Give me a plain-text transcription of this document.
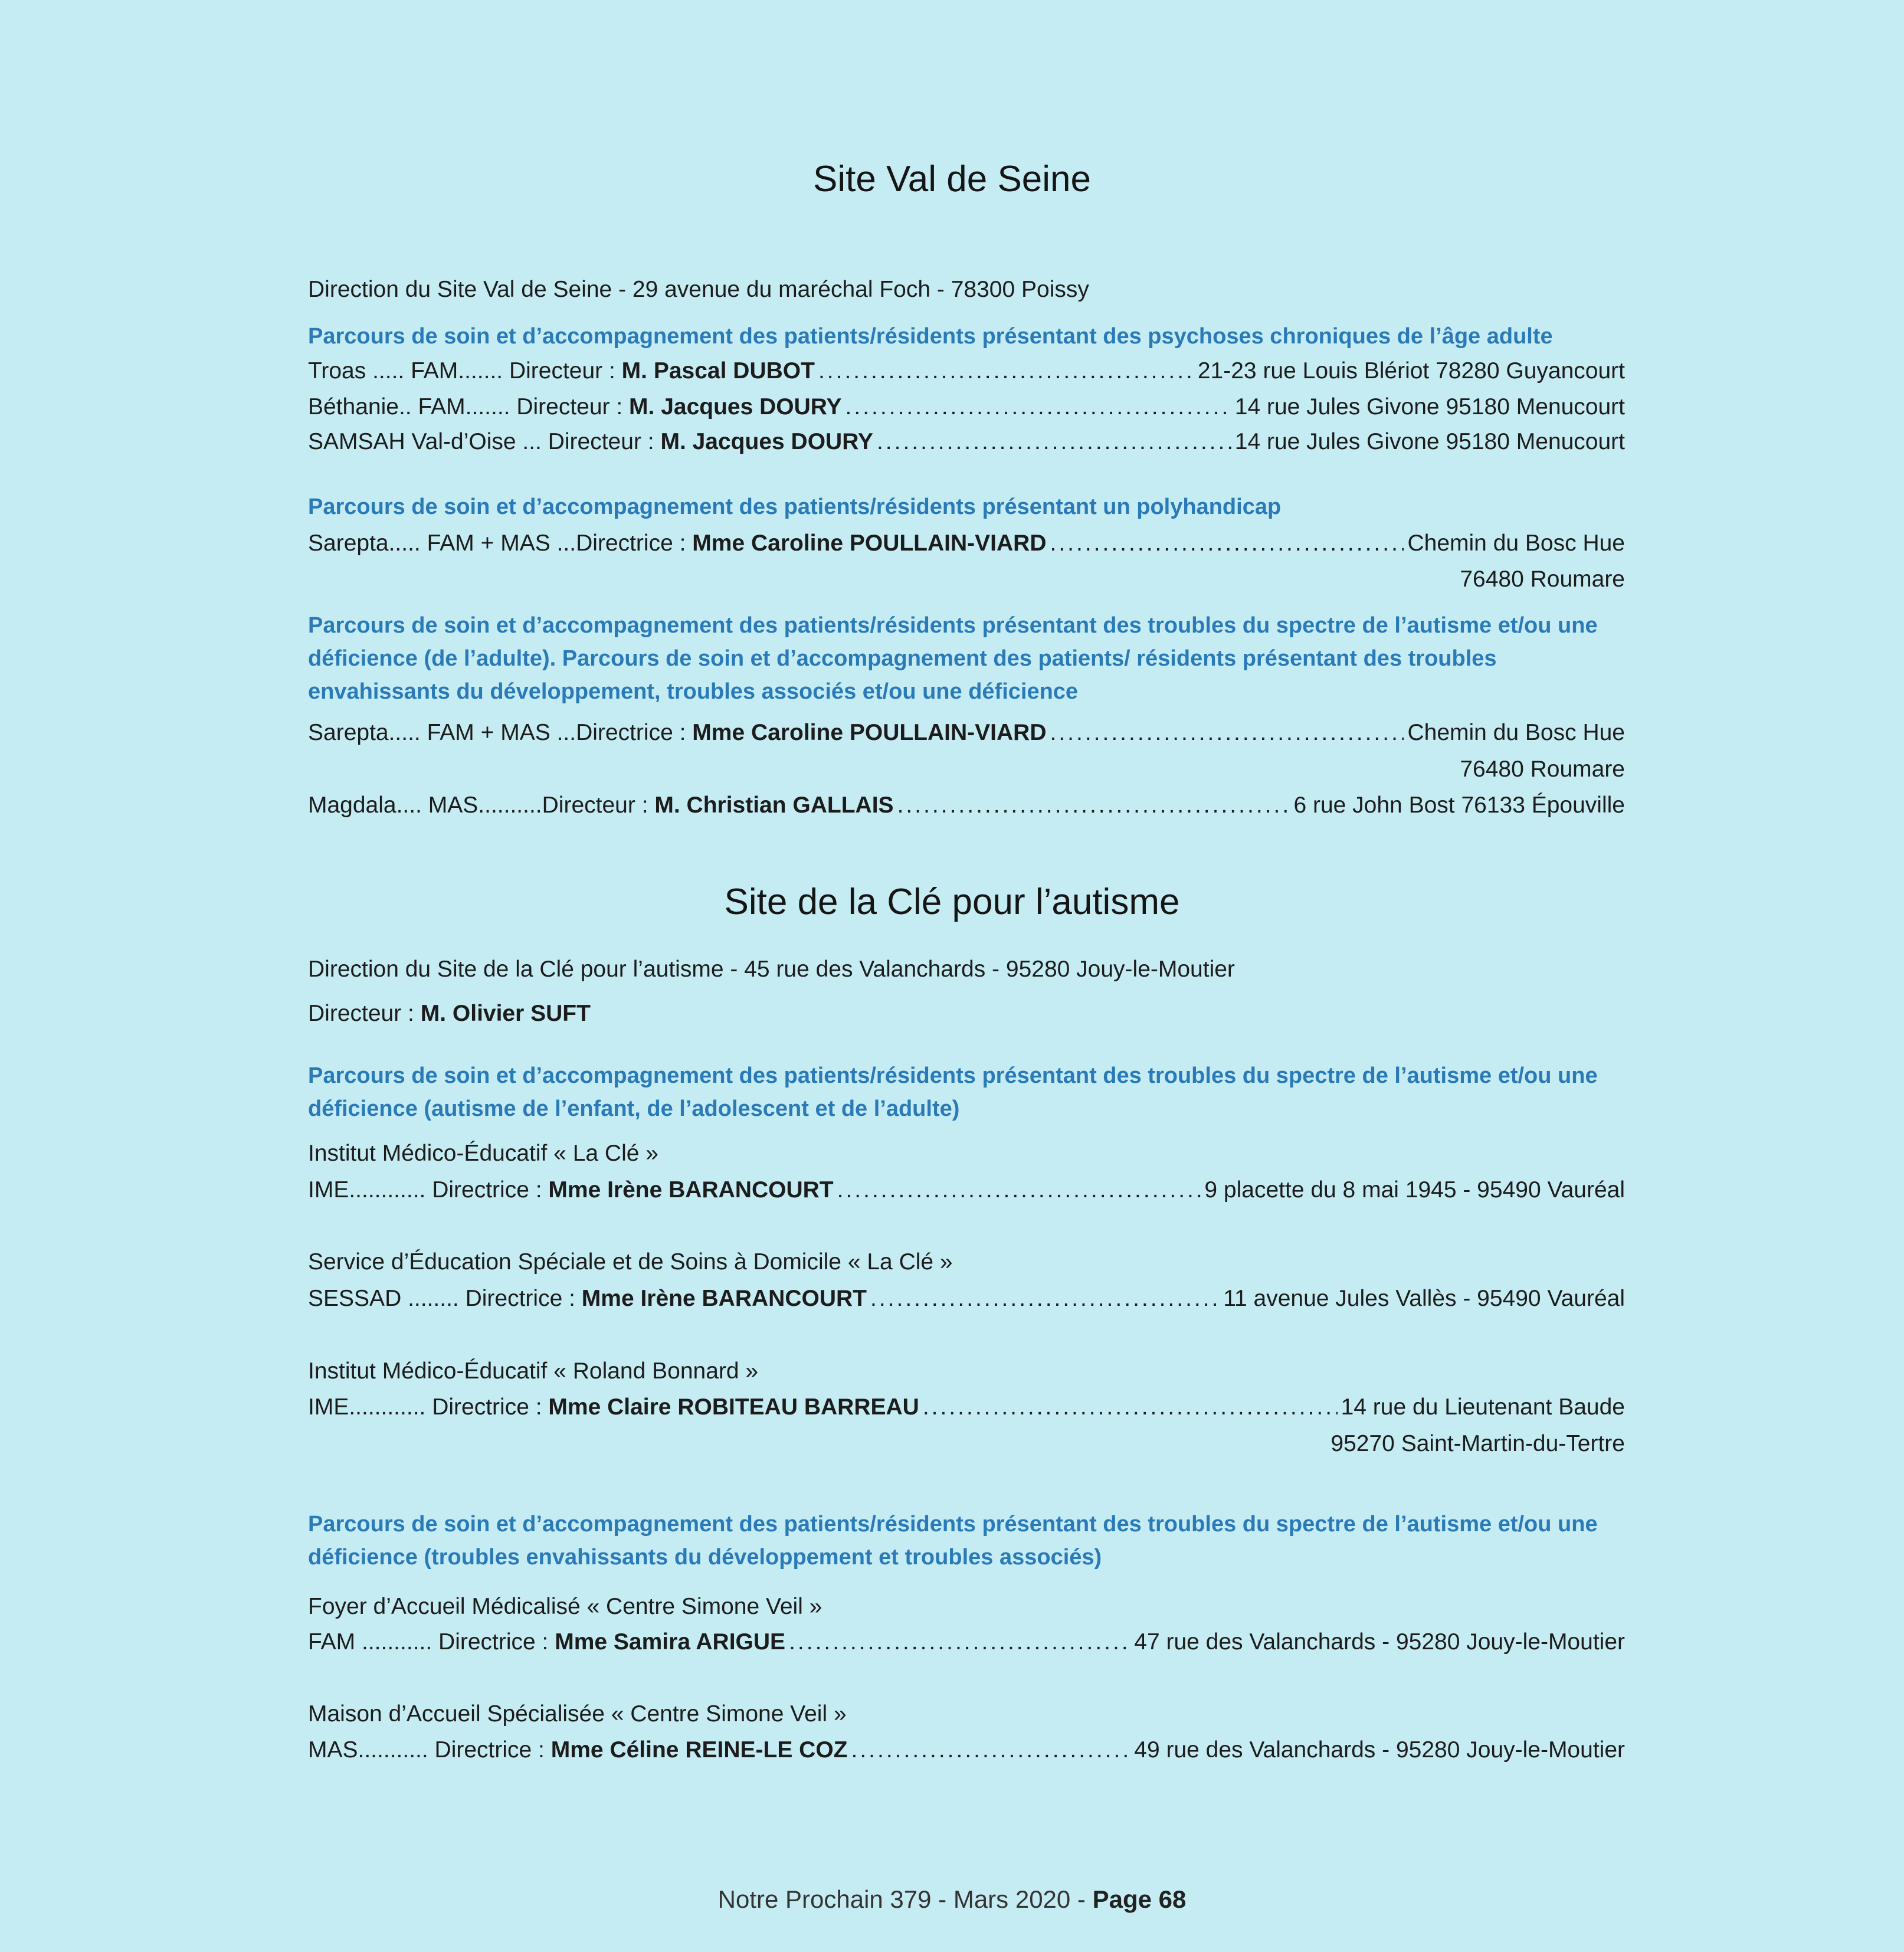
Site Val de Seine
Direction du Site Val de Seine - 29 avenue du maréchal Foch - 78300 Poissy
Parcours de soin et d’accompagnement des patients/résidents présentant des psychoses chroniques de l’âge adulte
Troas ..... FAM....... Directeur :
M. Pascal DUBOT .....	21-23 rue Louis Blériot 78280 Guyancourt
Béthanie.. FAM....... Directeur :
M. Jacques DOURY .....	14 rue Jules Givone 95180 Menucourt
SAMSAH Val-d’Oise ... Directeur :
M. Jacques DOURY .....	14 rue Jules Givone 95180 Menucourt
Parcours de soin et d’accompagnement des patients/résidents présentant un polyhandicap
Sarepta..... FAM + MAS ...Directrice :
Mme Caroline POULLAIN-VIARD .....	Chemin du Bosc Hue
76480 Roumare
Parcours de soin et d’accompagnement des patients/résidents présentant des troubles du spectre de l’autisme et/ou une déficience (de l’adulte). Parcours de soin et d’accompagnement des patients/ résidents présentant des troubles envahissants du développement, troubles associés et/ou une déficience
Sarepta..... FAM + MAS ...Directrice :
Mme Caroline POULLAIN-VIARD .....	Chemin du Bosc Hue
76480 Roumare
Magdala.... MAS..........Directeur :
M. Christian GALLAIS .....	6 rue John Bost 76133 Épouville
Site de la Clé pour l’autisme
Direction du Site de la Clé pour l’autisme - 45 rue des Valanchards - 95280 Jouy-le-Moutier
Directeur : M. Olivier SUFT
Parcours de soin et d’accompagnement des patients/résidents présentant des troubles du spectre de l’autisme et/ou une déficience (autisme de l’enfant, de l’adolescent et de l’adulte)
Institut Médico-Éducatif « La Clé »
IME............ Directrice :
Mme Irène BARANCOURT .....	9 placette du 8 mai 1945 - 95490 Vauréal
Service d’Éducation Spéciale et de Soins à Domicile « La Clé »
SESSAD ........ Directrice :
Mme Irène BARANCOURT .....	11 avenue Jules Vallès - 95490 Vauréal
Institut Médico-Éducatif « Roland Bonnard »
IME............ Directrice :
Mme Claire ROBITEAU BARREAU .....	14 rue du Lieutenant Baude
95270 Saint-Martin-du-Tertre
Parcours de soin et d’accompagnement des patients/résidents présentant des troubles du spectre de l’autisme et/ou une déficience (troubles envahissants du développement et troubles associés)
Foyer d’Accueil Médicalisé « Centre Simone Veil »
FAM ........... Directrice :
Mme Samira ARIGUE .....	47 rue des Valanchards - 95280 Jouy-le-Moutier
Maison d’Accueil Spécialisée « Centre Simone Veil »
MAS........... Directrice :
Mme Céline REINE-LE COZ .....	49 rue des Valanchards - 95280 Jouy-le-Moutier
Notre Prochain 379 - Mars 2020 - Page 68
